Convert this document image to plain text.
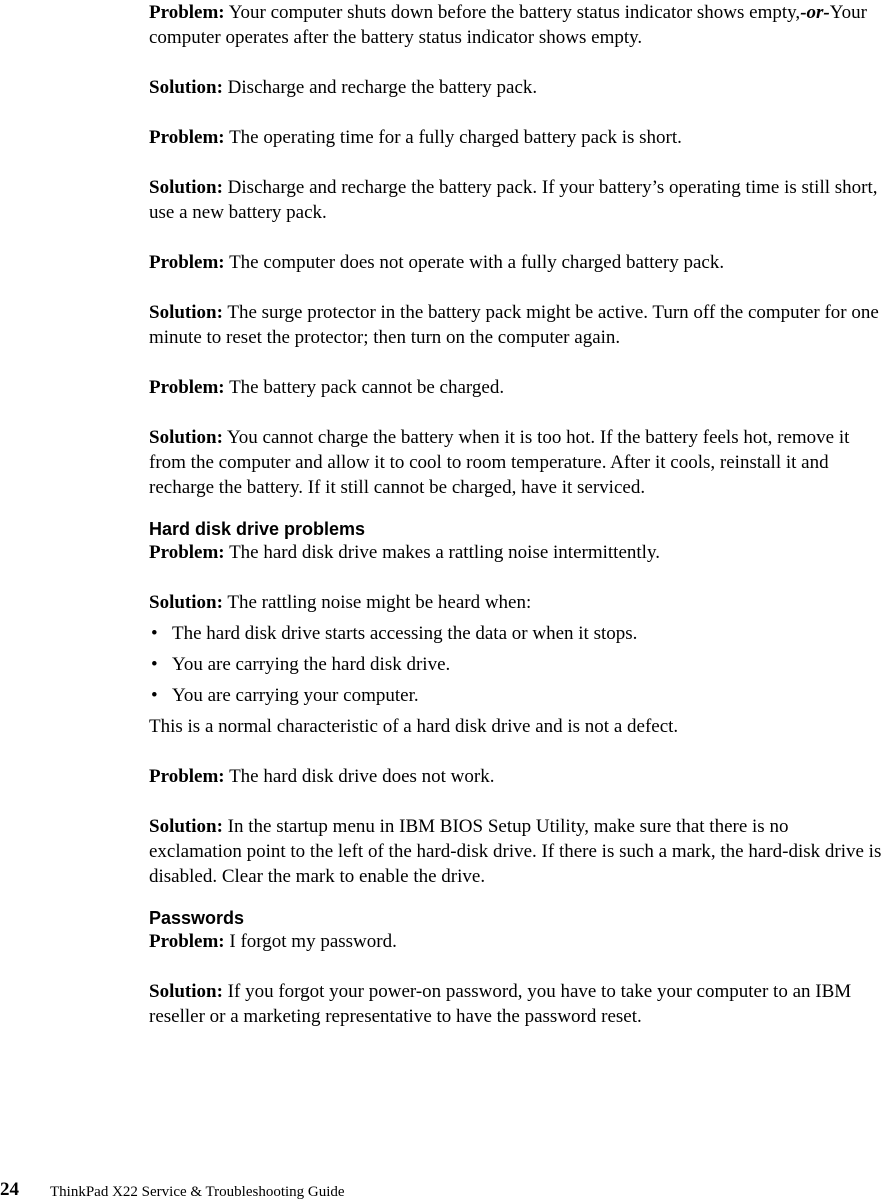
Problem: Your computer shuts down before the battery status indicator shows empty,-or-Your computer operates after the battery status indicator shows empty.

Solution: Discharge and recharge the battery pack.

Problem: The operating time for a fully charged battery pack is short.

Solution: Discharge and recharge the battery pack. If your battery’s operating time is still short, use a new battery pack.

Problem: The computer does not operate with a fully charged battery pack.

Solution: The surge protector in the battery pack might be active. Turn off the computer for one minute to reset the protector; then turn on the computer again.

Problem: The battery pack cannot be charged.

Solution: You cannot charge the battery when it is too hot. If the battery feels hot, remove it from the computer and allow it to cool to room temperature. After it cools, reinstall it and recharge the battery. If it still cannot be charged, have it serviced.

Hard disk drive problems

Problem: The hard disk drive makes a rattling noise intermittently.

Solution: The rattling noise might be heard when:

• The hard disk drive starts accessing the data or when it stops.
• You are carrying the hard disk drive.
• You are carrying your computer.

This is a normal characteristic of a hard disk drive and is not a defect.

Problem: The hard disk drive does not work.

Solution: In the startup menu in IBM BIOS Setup Utility, make sure that there is no exclamation point to the left of the hard-disk drive. If there is such a mark, the hard-disk drive is disabled. Clear the mark to enable the drive.

Passwords

Problem: I forgot my password.

Solution: If you forgot your power-on password, you have to take your computer to an IBM reseller or a marketing representative to have the password reset.

24 ThinkPad X22 Service & Troubleshooting Guide
